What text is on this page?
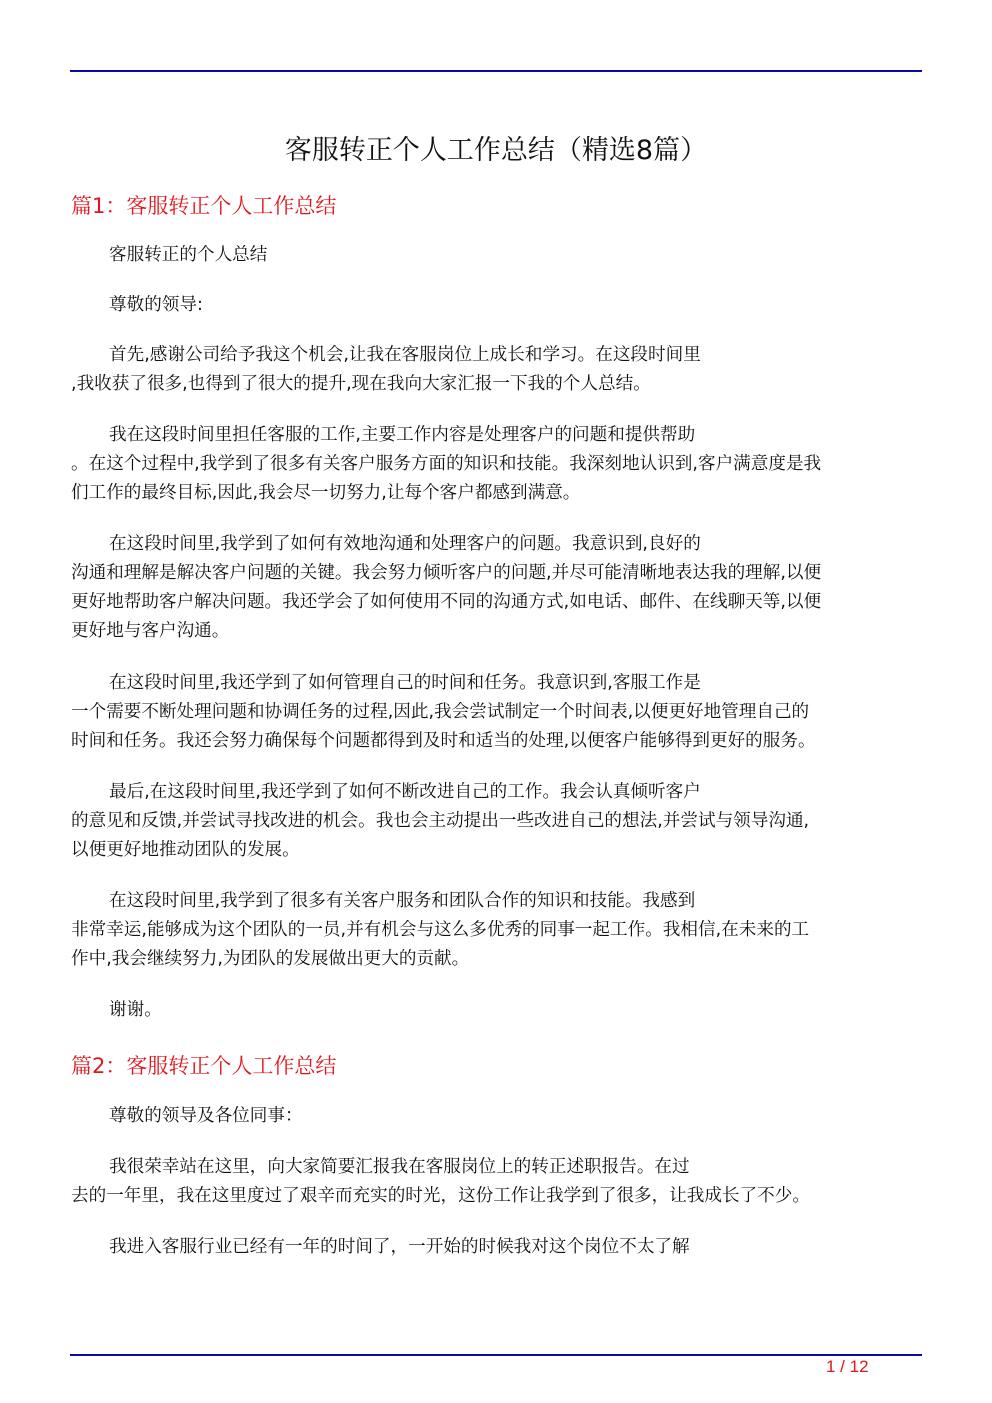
客服转正个人工作总结（精选8篇）
篇1：客服转正个人工作总结
客服转正的个人总结
尊敬的领导:
首先,感谢公司给予我这个机会,让我在客服岗位上成长和学习。在这段时间里
,我收获了很多,也得到了很大的提升,现在我向大家汇报一下我的个人总结。
我在这段时间里担任客服的工作,主要工作内容是处理客户的问题和提供帮助
。在这个过程中,我学到了很多有关客户服务方面的知识和技能。我深刻地认识到,客户满意度是我
们工作的最终目标,因此,我会尽一切努力,让每个客户都感到满意。
在这段时间里,我学到了如何有效地沟通和处理客户的问题。我意识到,良好的
沟通和理解是解决客户问题的关键。我会努力倾听客户的问题,并尽可能清晰地表达我的理解,以便
更好地帮助客户解决问题。我还学会了如何使用不同的沟通方式,如电话、邮件、在线聊天等,以便
更好地与客户沟通。
在这段时间里,我还学到了如何管理自己的时间和任务。我意识到,客服工作是
一个需要不断处理问题和协调任务的过程,因此,我会尝试制定一个时间表,以便更好地管理自己的
时间和任务。我还会努力确保每个问题都得到及时和适当的处理,以便客户能够得到更好的服务。
最后,在这段时间里,我还学到了如何不断改进自己的工作。我会认真倾听客户
的意见和反馈,并尝试寻找改进的机会。我也会主动提出一些改进自己的想法,并尝试与领导沟通,
以便更好地推动团队的发展。
在这段时间里,我学到了很多有关客户服务和团队合作的知识和技能。我感到
非常幸运,能够成为这个团队的一员,并有机会与这么多优秀的同事一起工作。我相信,在未来的工
作中,我会继续努力,为团队的发展做出更大的贡献。
谢谢。
篇2：客服转正个人工作总结
尊敬的领导及各位同事：
我很荣幸站在这里，向大家简要汇报我在客服岗位上的转正述职报告。在过
去的一年里，我在这里度过了艰辛而充实的时光，这份工作让我学到了很多，让我成长了不少。
我进入客服行业已经有一年的时间了，一开始的时候我对这个岗位不太了解
1 / 12
